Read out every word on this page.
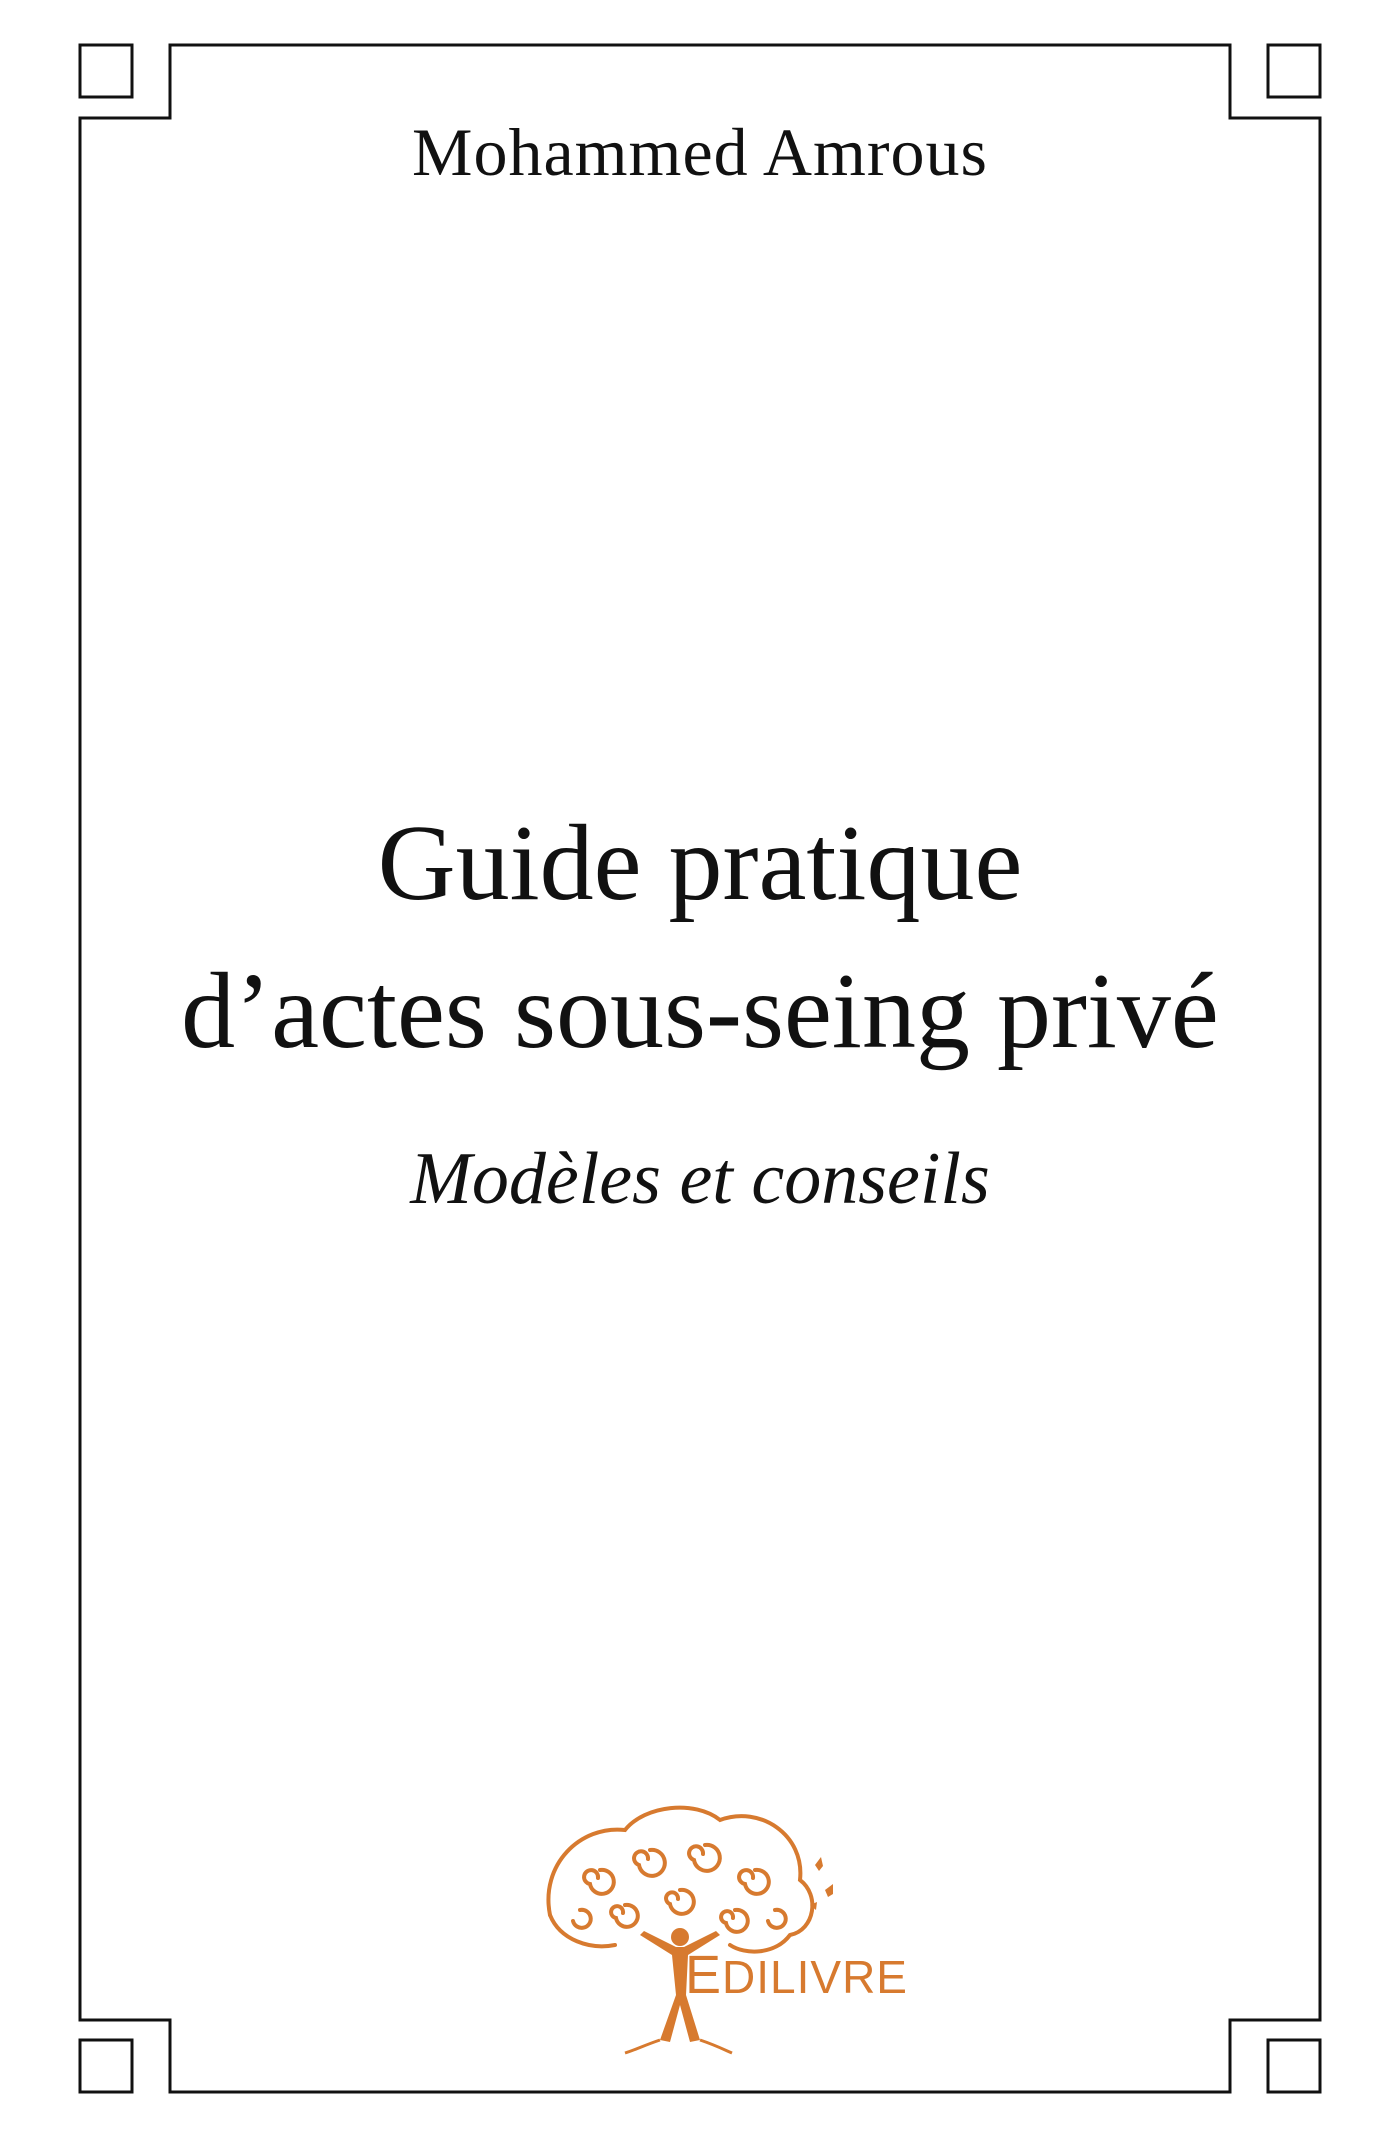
Mohammed Amrous
Guide pratique
d’actes sous-seing privé
Modèles et conseils
EDILIVRE
